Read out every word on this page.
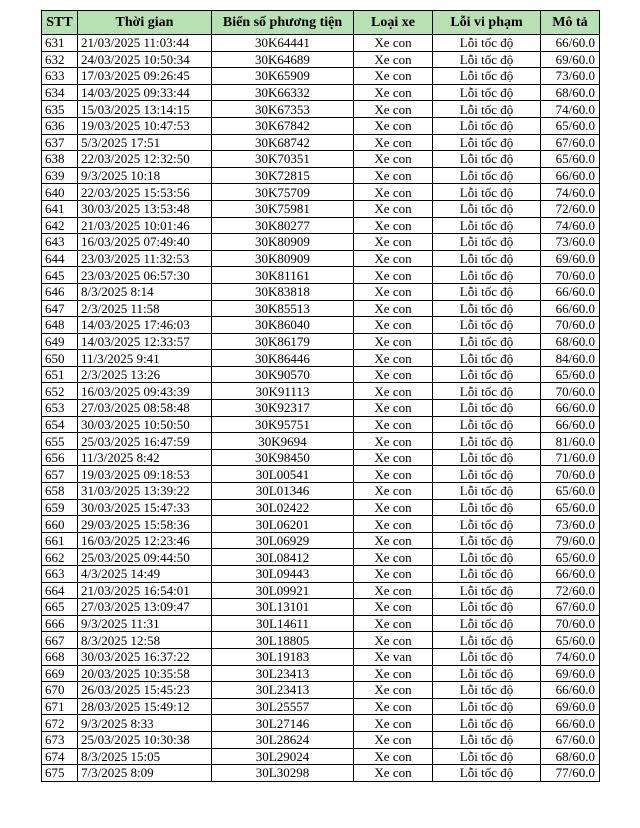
STT	Thời gian	Biển số phương tiện	Loại xe	Lỗi vi phạm	Mô tả
631	21/03/2025 11:03:44	30K64441	Xe con	Lỗi tốc độ	66/60.0
632	24/03/2025 10:50:34	30K64689	Xe con	Lỗi tốc độ	69/60.0
633	17/03/2025 09:26:45	30K65909	Xe con	Lỗi tốc độ	73/60.0
634	14/03/2025 09:33:44	30K66332	Xe con	Lỗi tốc độ	68/60.0
635	15/03/2025 13:14:15	30K67353	Xe con	Lỗi tốc độ	74/60.0
636	19/03/2025 10:47:53	30K67842	Xe con	Lỗi tốc độ	65/60.0
637	5/3/2025 17:51	30K68742	Xe con	Lỗi tốc độ	67/60.0
638	22/03/2025 12:32:50	30K70351	Xe con	Lỗi tốc độ	65/60.0
639	9/3/2025 10:18	30K72815	Xe con	Lỗi tốc độ	66/60.0
640	22/03/2025 15:53:56	30K75709	Xe con	Lỗi tốc độ	74/60.0
641	30/03/2025 13:53:48	30K75981	Xe con	Lỗi tốc độ	72/60.0
642	21/03/2025 10:01:46	30K80277	Xe con	Lỗi tốc độ	74/60.0
643	16/03/2025 07:49:40	30K80909	Xe con	Lỗi tốc độ	73/60.0
644	23/03/2025 11:32:53	30K80909	Xe con	Lỗi tốc độ	69/60.0
645	23/03/2025 06:57:30	30K81161	Xe con	Lỗi tốc độ	70/60.0
646	8/3/2025 8:14	30K83818	Xe con	Lỗi tốc độ	66/60.0
647	2/3/2025 11:58	30K85513	Xe con	Lỗi tốc độ	66/60.0
648	14/03/2025 17:46:03	30K86040	Xe con	Lỗi tốc độ	70/60.0
649	14/03/2025 12:33:57	30K86179	Xe con	Lỗi tốc độ	68/60.0
650	11/3/2025 9:41	30K86446	Xe con	Lỗi tốc độ	84/60.0
651	2/3/2025 13:26	30K90570	Xe con	Lỗi tốc độ	65/60.0
652	16/03/2025 09:43:39	30K91113	Xe con	Lỗi tốc độ	70/60.0
653	27/03/2025 08:58:48	30K92317	Xe con	Lỗi tốc độ	66/60.0
654	30/03/2025 10:50:50	30K95751	Xe con	Lỗi tốc độ	66/60.0
655	25/03/2025 16:47:59	30K9694	Xe con	Lỗi tốc độ	81/60.0
656	11/3/2025 8:42	30K98450	Xe con	Lỗi tốc độ	71/60.0
657	19/03/2025 09:18:53	30L00541	Xe con	Lỗi tốc độ	70/60.0
658	31/03/2025 13:39:22	30L01346	Xe con	Lỗi tốc độ	65/60.0
659	30/03/2025 15:47:33	30L02422	Xe con	Lỗi tốc độ	65/60.0
660	29/03/2025 15:58:36	30L06201	Xe con	Lỗi tốc độ	73/60.0
661	16/03/2025 12:23:46	30L06929	Xe con	Lỗi tốc độ	79/60.0
662	25/03/2025 09:44:50	30L08412	Xe con	Lỗi tốc độ	65/60.0
663	4/3/2025 14:49	30L09443	Xe con	Lỗi tốc độ	66/60.0
664	21/03/2025 16:54:01	30L09921	Xe con	Lỗi tốc độ	72/60.0
665	27/03/2025 13:09:47	30L13101	Xe con	Lỗi tốc độ	67/60.0
666	9/3/2025 11:31	30L14611	Xe con	Lỗi tốc độ	70/60.0
667	8/3/2025 12:58	30L18805	Xe con	Lỗi tốc độ	65/60.0
668	30/03/2025 16:37:22	30L19183	Xe van	Lỗi tốc độ	74/60.0
669	20/03/2025 10:35:58	30L23413	Xe con	Lỗi tốc độ	69/60.0
670	26/03/2025 15:45:23	30L23413	Xe con	Lỗi tốc độ	66/60.0
671	28/03/2025 15:49:12	30L25557	Xe con	Lỗi tốc độ	69/60.0
672	9/3/2025 8:33	30L27146	Xe con	Lỗi tốc độ	66/60.0
673	25/03/2025 10:30:38	30L28624	Xe con	Lỗi tốc độ	67/60.0
674	8/3/2025 15:05	30L29024	Xe con	Lỗi tốc độ	68/60.0
675	7/3/2025 8:09	30L30298	Xe con	Lỗi tốc độ	77/60.0
